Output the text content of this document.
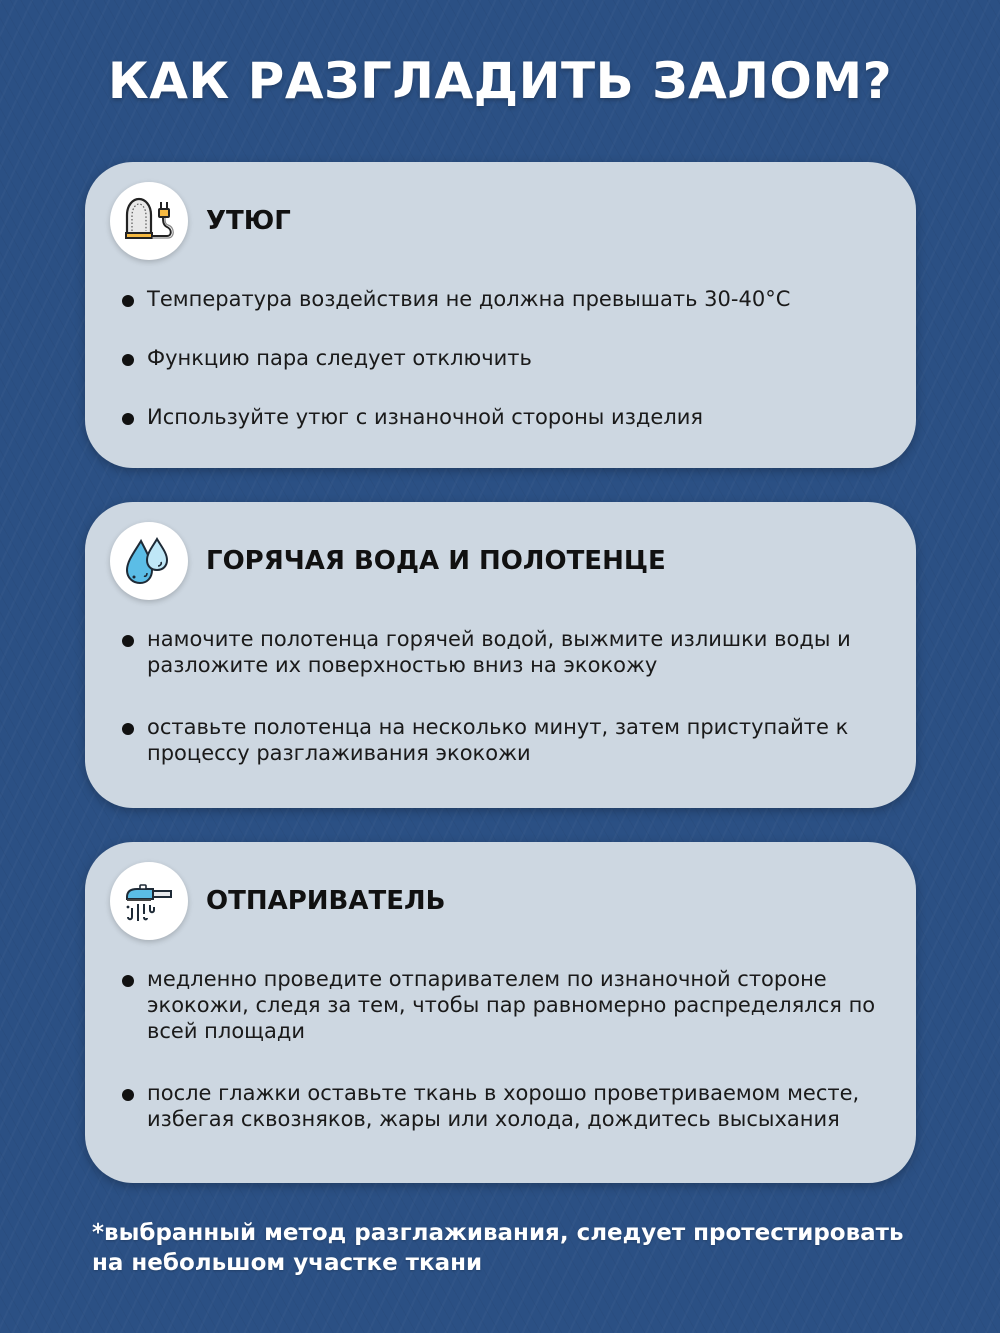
КАК РАЗГЛАДИТЬ ЗАЛОМ?
УТЮГ
Температура воздействия не должна превышать 30-40°С
Функцию пара следует отключить
Используйте утюг с изнаночной стороны изделия
ГОРЯЧАЯ ВОДА И ПОЛОТЕНЦЕ
намочите полотенца горячей водой, выжмите излишки воды и разложите их поверхностью вниз на экокожу
оставьте полотенца на несколько минут, затем приступайте к процессу разглаживания экокожи
ОТПАРИВАТЕЛЬ
медленно проведите отпаривателем по изнаночной стороне экокожи, следя за тем, чтобы пар равномерно распределялся по всей площади
после глажки оставьте ткань в хорошо проветриваемом месте, избегая сквозняков, жары или холода, дождитесь высыхания

*выбранный метод разглаживания, следует протестировать на небольшом участке ткани
